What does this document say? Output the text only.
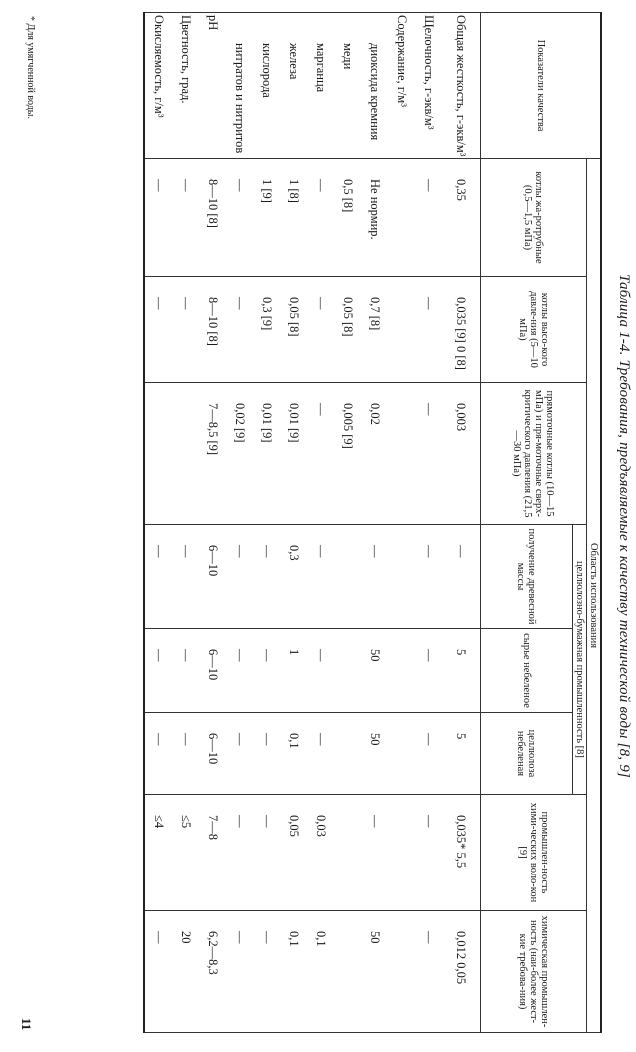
Таблица 1-4. Требования, предъявляемые к качеству технической воды [8, 9]
Показатели качества	Область использования							
	котлы жа-ротрубные (0,5—1,5 мПа)	котлы высо-кого давле-ния (5—10 мПа)	прямоточные котлы (10—15 мПа) и пря-моточные сверх-критического давления (21,5—30 мПа)	целлюлозно-бумажная промышленность [8]			промышлен-ность хими-ческих воло-кон [9]	химическая промышлен-ность (наи-более жест-кие требова-ния)
				получение древесной массы	сырье небеленое	целлюлоза небеленая		
Общая жесткость, г-экв/м³	0,35	0,035 [9] 0 [8]	0,003	—	5	5	0,035* 5,5	0,012 0,05
Щелочность, г-экв/м³	—	—	—	—	—	—	—	—
Содержание, г/м³								
диоксида кремния	Не нормир.	0,7 [8]	0,02	—	50	50	—	50
меди	0,5 [8]	0,05 [8]	0,005 [9]					
марганца	—	—	—	—	—	—	0,03	0,1
железа	1 [8]	0,05 [8]	0,01 [9]	0,3	1	0,1	0,05	0,1
кислорода	1 [9]	0,3 [9]	0,01 [9]	—	—	—	—	—
нитратов и нитритов	—	—	0,02 [9]	—	—	—	—	—
pH	8—10 [8]	8—10 [8]	7—8,5 [9]	6—10	6—10	6—10	7—8	6,2—8,3
Цветность, град.	—	—		—	—	—	≤5	20
Окисляемость, г/м³	—	—		—	—	—	≤4	—
* Для умягченной воды.
11
